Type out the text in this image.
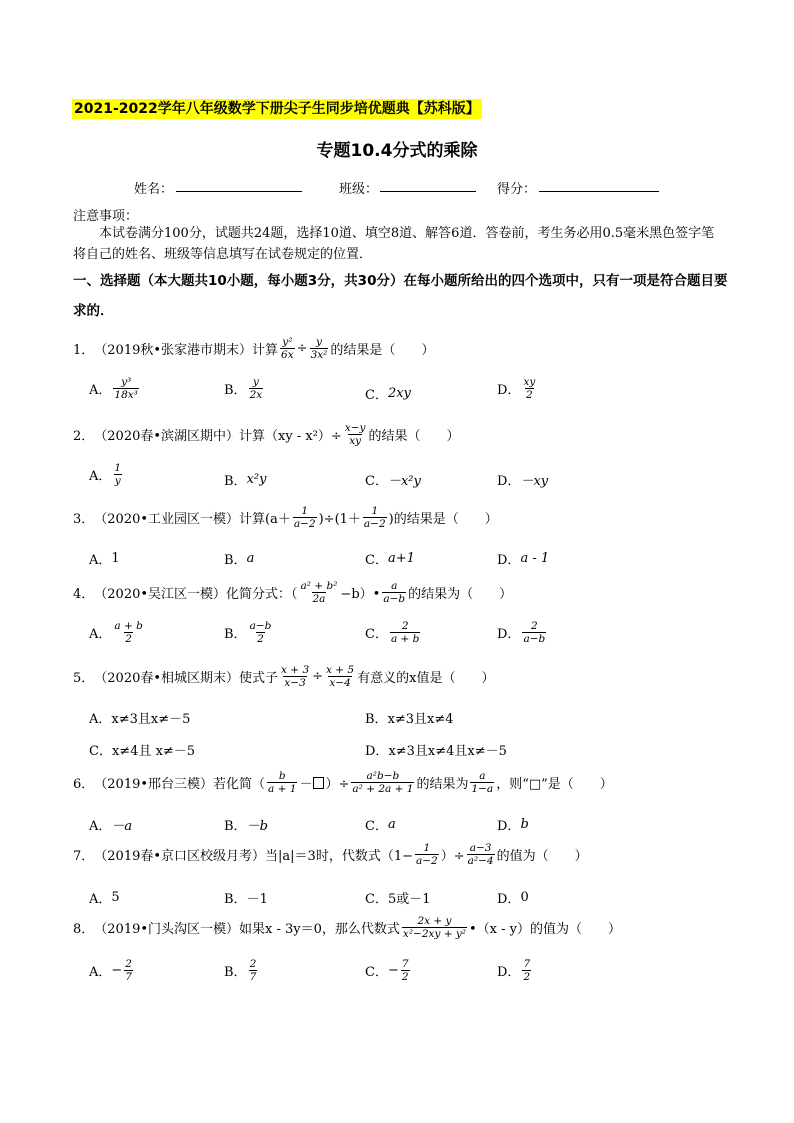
2021-2022学年八年级数学下册尖子生同步培优题典【苏科版】
专题10.4分式的乘除
姓名：	班级：	得分：
注意事项：
本试卷满分100分，试题共24题，选择10道、填空8道、解答6道．答卷前，考生务必用0.5毫米黑色签字笔将自己的姓名、班级等信息填写在试卷规定的位置．
一、选择题（本大题共10小题，每小题3分，共30分）在每小题所给出的四个选项中，只有一项是符合题目要求的．
1． （2019秋•张家港市期末）计算 $\frac{\text{y²}}{6x} \div \frac{y}{\text{3x²}}$ 的结果是（　　）
A． $\frac{\text{y³}}{\text{18x³}}$	B． $\frac{y}{2x}$	C． 2xy	D． $\frac{xy}{2}$
2． （2020春•滨湖区期中）计算$(xy - x^2)\div \frac{x-y}{xy}$ 的结果（　　）
A． $\frac{1}{y}$	B． x²y	C． －x²y	D． －xy
3． （2020•工业园区一模）计算$(a+ \frac{1}{a-2} )\div(1+ \frac{1}{a-2}$ )的结果是（　　）
A． 1	B． a	C． a+1	D． a - 1
4． （2020•吴江区一模）化简分式：（ $\frac{\text{a² + b²}}{2a}$ −b）• $\frac{a}{a-b}$ 的结果为（　　）
A． $\frac{a + b}{2}$	B． $\frac{a-b}{2}$	C． $\frac{2}{a + b}$	D． $\frac{2}{a-b}$
5． （2020春•相城区期末）使式子 $\frac{x + 3}{x-3} \div \frac{x + 5}{x-4}$ 有意义的x值是（　　）
A． x≠3且x≠－5	B． x≠3且x≠4
C． x≠4且 x≠－5	D． x≠3且x≠4且x≠－5
6． （2019•邢台三模）若化简（ $\frac{b}{a + 1}$ － ）÷ $\frac{\text{a²b−b}}{\text{a² + 2a + 1}}$ 的结果为 $\frac{a}{1-a}$ ，则“□”是（　　）
A． －a	B． －b	C． a	D． b
7． （2019春•京口区校级月考）当|a|＝3时，代数式（$1- \frac{1}{a-2}$ ）÷ $\frac{a-3}{\text{a²−4}}$ 的值为（　　）
A． 5	B． －1	C． 5或－1	D． 0
8． （2019•门头沟区一模）如果x - 3y＝0，那么代数式 $\frac{2x + y}{\text{x²−2xy + y²}}$ •（x - y）的值为（　　）
A． − $\frac{2}{7}$	B． $\frac{2}{7}$	C． − $\frac{7}{2}$	D． $\frac{7}{2}$
